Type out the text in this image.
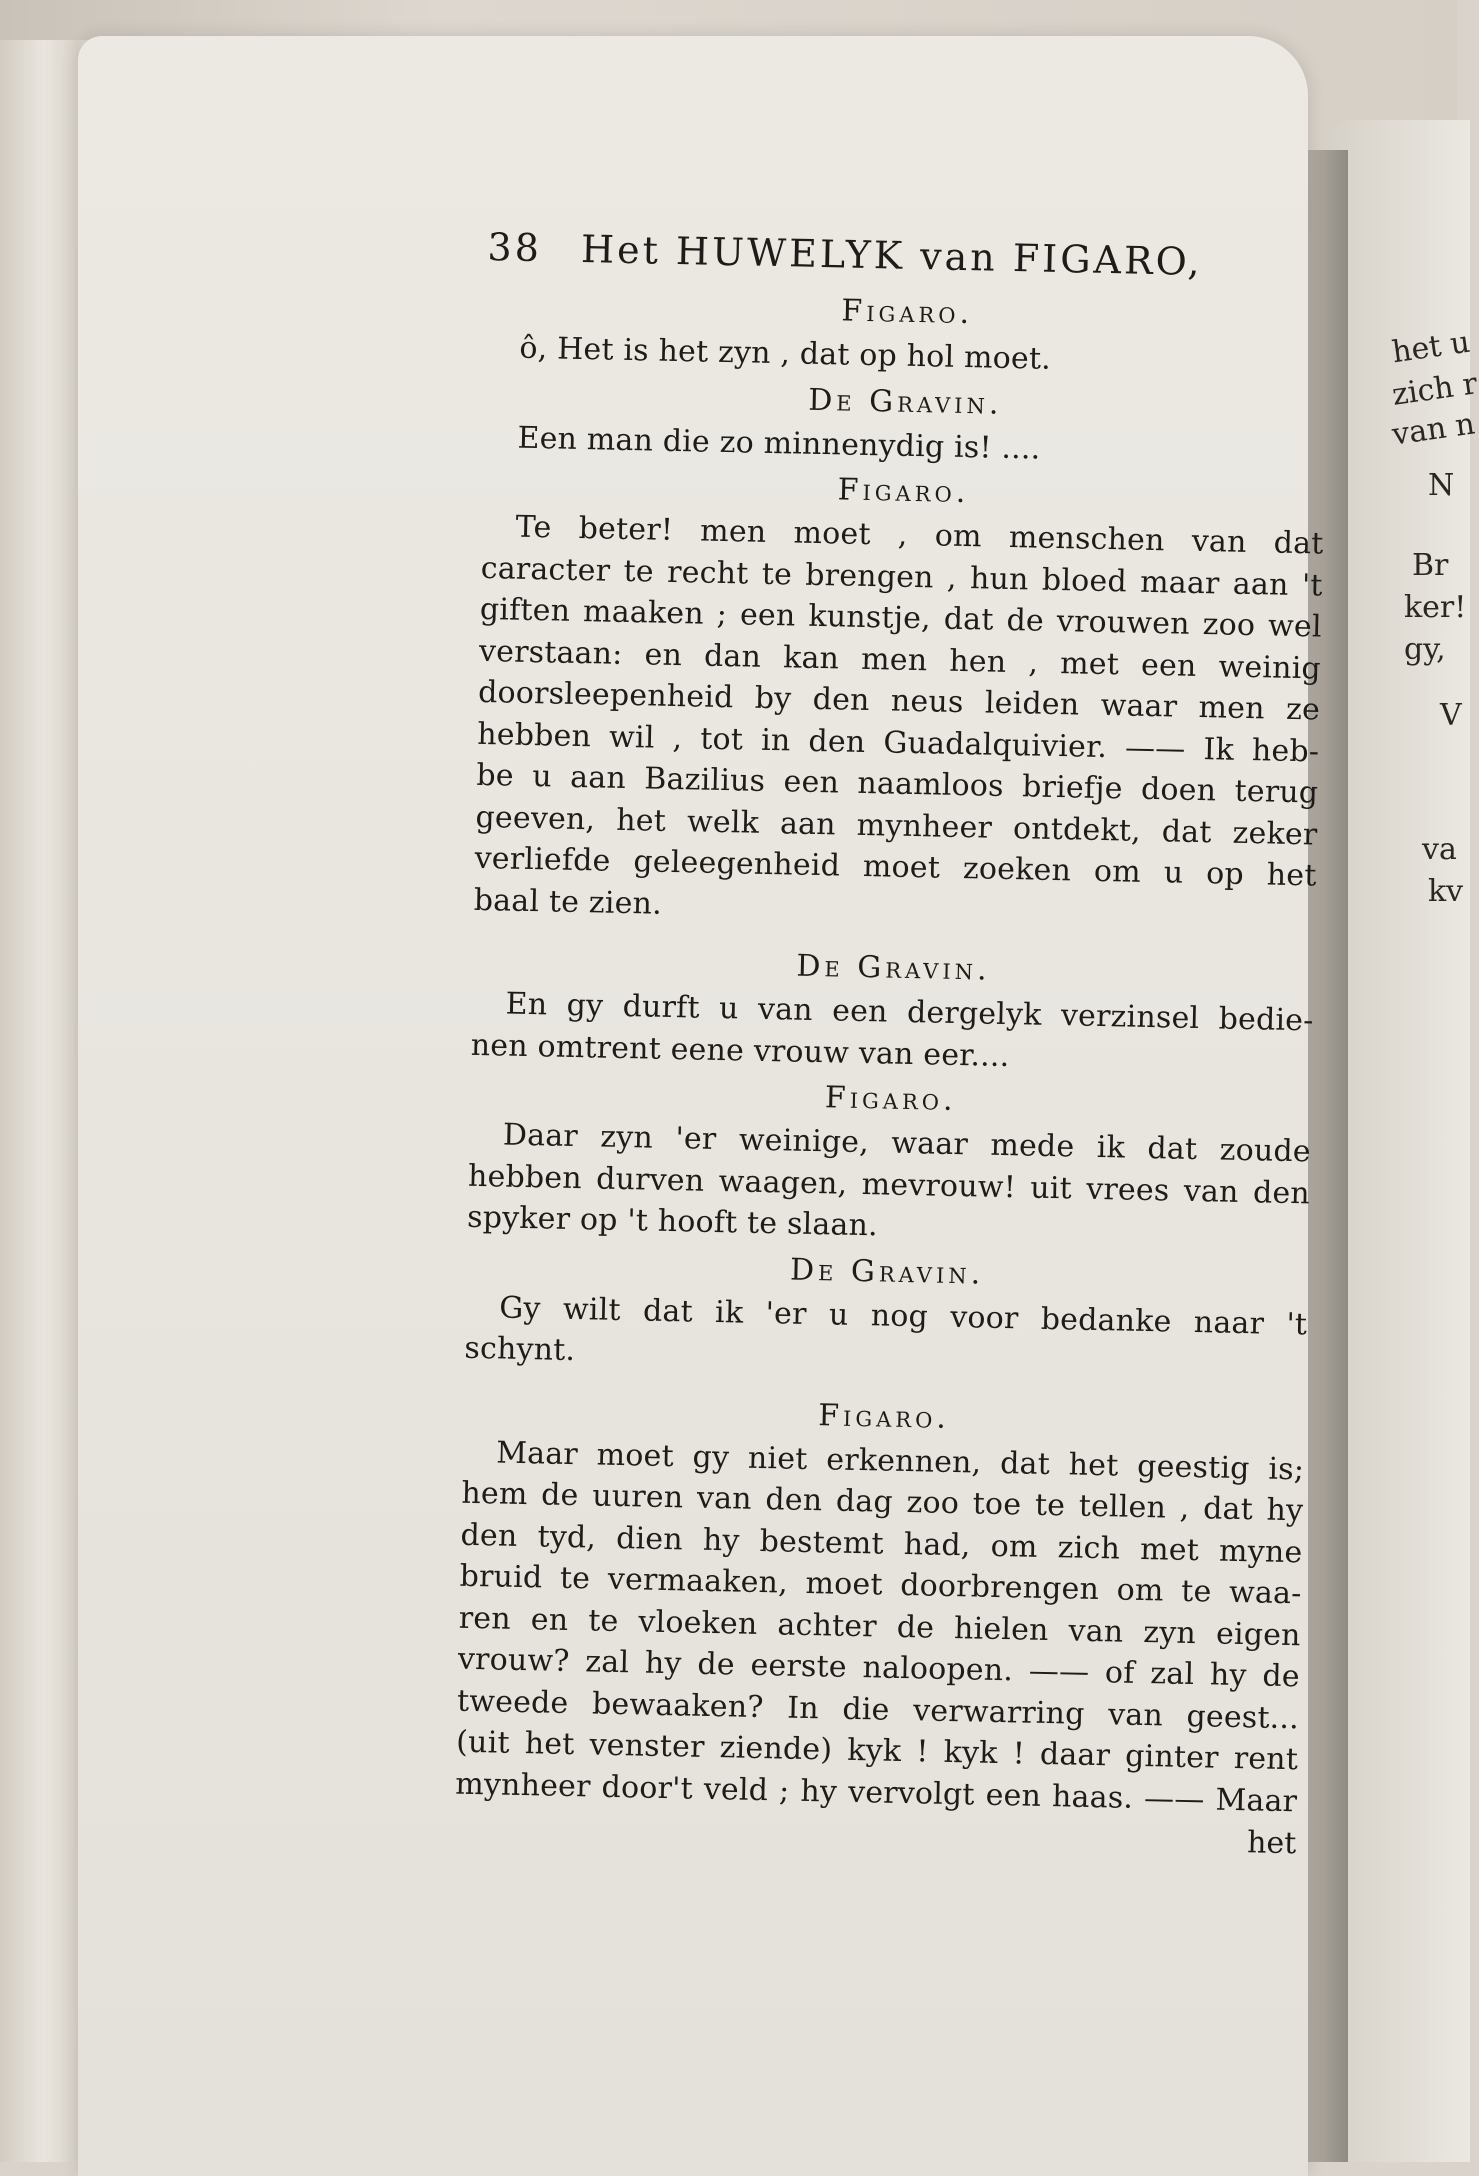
het u
zich r
van n
N
Br
ker!
gy,
V
va
kv
38 Het HUWELYK van FIGARO,
Figaro.
ô, Het is het zyn , dat op hol moet.
De Gravin.
Een man die zo minnenydig is! ....
Figaro.
Te beter! men moet , om menschen van dat
caracter te recht te brengen , hun bloed maar aan 't
giften maaken ; een kunstje, dat de vrouwen zoo wel
verstaan: en dan kan men hen , met een weinig
doorsleepenheid by den neus leiden waar men ze
hebben wil , tot in den Guadalquivier. —— Ik heb-
be u aan Bazilius een naamloos briefje doen terug
geeven, het welk aan mynheer ontdekt, dat zeker
verliefde geleegenheid moet zoeken om u op het
baal te zien.
De Gravin.
En gy durft u van een dergelyk verzinsel bedie-
nen omtrent eene vrouw van eer....
Figaro.
Daar zyn 'er weinige, waar mede ik dat zoude
hebben durven waagen, mevrouw! uit vrees van den
spyker op 't hooft te slaan.
De Gravin.
Gy wilt dat ik 'er u nog voor bedanke naar 't
schynt.
Figaro.
Maar moet gy niet erkennen, dat het geestig is;
hem de uuren van den dag zoo toe te tellen , dat hy
den tyd, dien hy bestemt had, om zich met myne
bruid te vermaaken, moet doorbrengen om te waa-
ren en te vloeken achter de hielen van zyn eigen
vrouw? zal hy de eerste naloopen. —— of zal hy de
tweede bewaaken? In die verwarring van geest...
(uit het venster ziende) kyk ! kyk ! daar ginter rent
mynheer door't veld ; hy vervolgt een haas. —— Maar
het
